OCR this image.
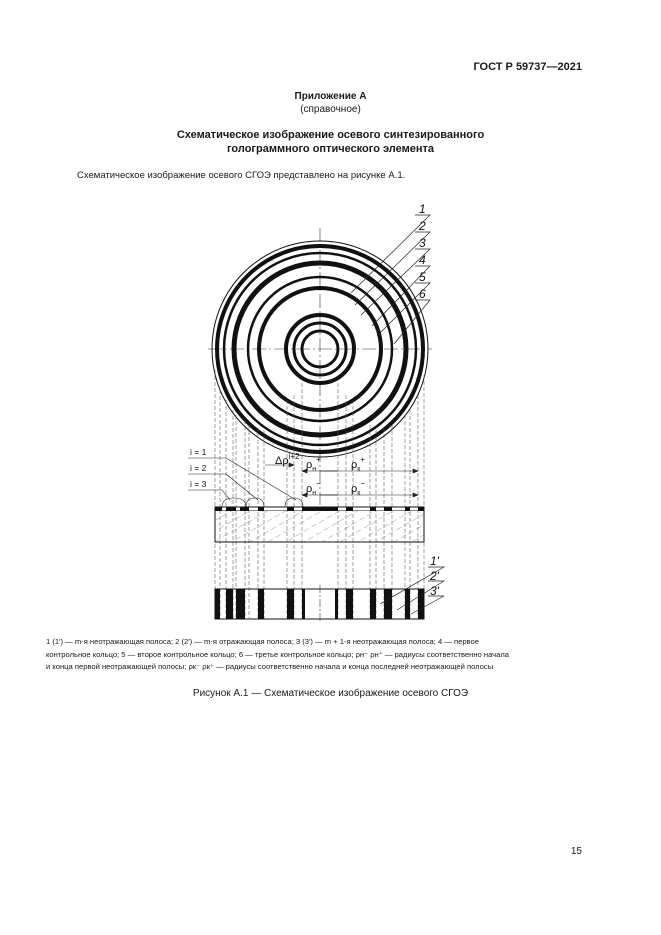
ГОСТ Р 59737—2021
Приложение А
(справочное)
Схематическое изображение осевого синтезированного
голограммного оптического элемента
Схематическое изображение осевого СГОЭ представлено на рисунке А.1.
1
2
3
4
5
6
$\Delta\rho^{i+2}$
$\rho_н^+$	$\rho_к^+$
$\rho_н^-$	$\rho_к^-$
i = 1
i = 2
i = 3
1'
2'
3'
1 (1′) — m-я неотражающая полоса; 2 (2′) — m-я отражающая полоса; 3 (3′) — m + 1-я неотражающая полоса; 4 — первое
контрольное кольцо; 5 — второе контрольное кольцо; 6 — третье контрольное кольцо; ρн⁻ ρн⁺ — радиусы соответственно начала
и конца первой неотражающей полосы; ρк⁻ ρк⁺ — радиусы соответственно начала и конца последней неотражающей полосы
Рисунок А.1 — Схематическое изображение осевого СГОЭ
15
